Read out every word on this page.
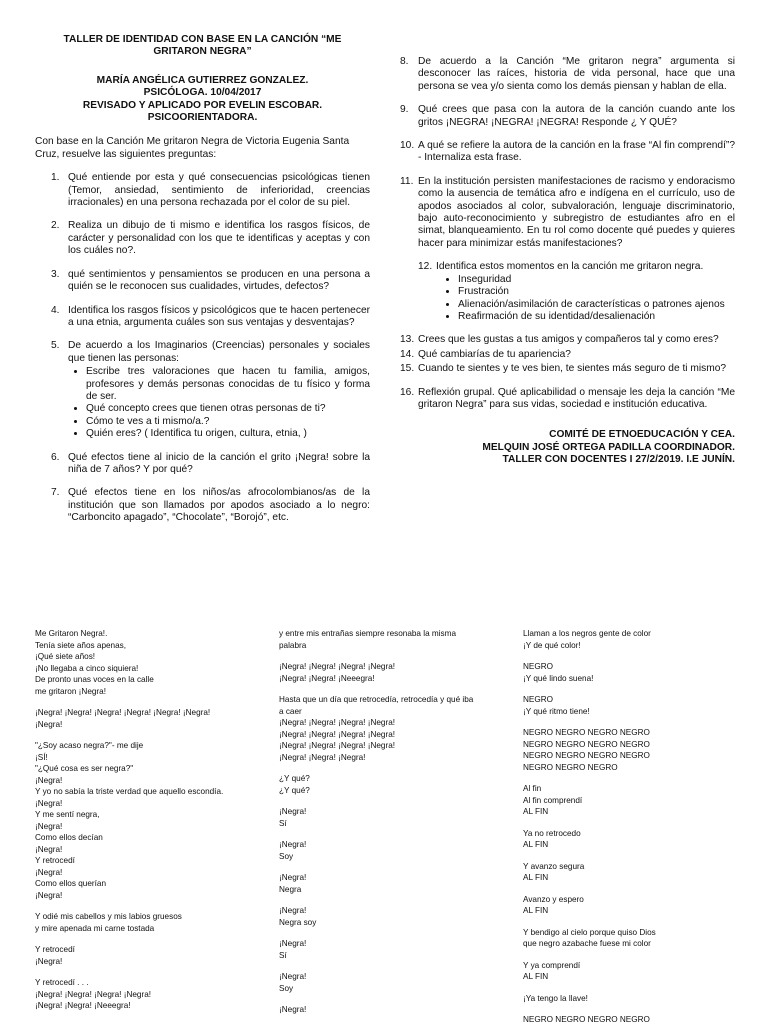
TALLER DE IDENTIDAD CON BASE EN LA CANCIÓN “ME
GRITARON NEGRA”
MARÍA ANGÉLICA GUTIERREZ GONZALEZ.
PSICÓLOGA. 10/04/2017
REVISADO Y APLICADO POR EVELIN ESCOBAR.
PSICOORIENTADORA.
Con base en la Canción Me gritaron Negra de Victoria Eugenia Santa Cruz, resuelve las siguientes preguntas:
1. Qué entiende por esta y qué consecuencias psicológicas tienen (Temor, ansiedad, sentimiento de inferioridad, creencias irracionales) en una persona rechazada por el color de su piel.
2. Realiza un dibujo de ti mismo e identifica los rasgos físicos, de carácter y personalidad con los que te identificas y aceptas y con los cuáles no?.
3. qué sentimientos y pensamientos se producen en una persona a quién se le reconocen sus cualidades, virtudes, defectos?
4. Identifica los rasgos físicos y psicológicos que te hacen pertenecer a una etnia, argumenta cuáles son sus ventajas y desventajas?
5. De acuerdo a los Imaginarios (Creencias) personales y sociales que tienen las personas:
• Escribe tres valoraciones que hacen tu familia, amigos, profesores y demás personas conocidas de tu físico y forma de ser.
• Qué concepto crees que tienen otras personas de ti?
• Cómo te ves a ti mismo/a.?
• Quién eres? ( Identifica tu origen, cultura, etnia, )
6. Qué efectos tiene al inicio de la canción el grito ¡Negra! sobre la niña de 7 años? Y por qué?
7. Qué efectos tiene en los niños/as afrocolombianos/as de la institución que son llamados por apodos asociado a lo negro: “Carboncito apagado”, “Chocolate”, “Borojó”, etc.
8. De acuerdo a la Canción “Me gritaron negra” argumenta si desconocer las raíces, historia de vida personal, hace que una persona se vea y/o sienta como los demás piensan y hablan de ella.
9. Qué crees que pasa con la autora de la canción cuando ante los gritos ¡NEGRA! ¡NEGRA! ¡NEGRA! Responde ¿ Y QUÉ?
10. A qué se refiere la autora de la canción en la frase “Al fin comprendí”?- Internaliza esta frase.
11. En la institución persisten manifestaciones de racismo y endoracismo como la ausencia de temática afro e indígena en el currículo, uso de apodos asociados al color, subvaloración, lenguaje discriminatorio, bajo auto-reconocimiento y subregistro de estudiantes afro en el simat, blanqueamiento. En tu rol como docente qué puedes y quieres hacer para minimizar estás manifestaciones?
12. Identifica estos momentos en la canción me gritaron negra.
• Inseguridad
• Frustración
• Alienación/asimilación de características o patrones ajenos
• Reafirmación de su identidad/desalienación
13. Crees que les gustas a tus amigos y compañeros tal y como eres?
14. Qué cambiarías de tu apariencia?
15. Cuando te sientes y te ves bien, te sientes más seguro de ti mismo?
16. Reflexión grupal. Qué aplicabilidad o mensaje les deja la canción “Me gritaron Negra” para sus vidas, sociedad e institución educativa.
COMITÉ DE ETNOEDUCACIÓN Y CEA.
MELQUIN JOSÉ ORTEGA PADILLA COORDINADOR.
TALLER CON DOCENTES I 27/2/2019. I.E JUNÍN.
Me Gritaron Negra!.
Tenía siete años apenas,
¡Qué siete años!
¡No llegaba a cinco siquiera!
De pronto unas voces en la calle
me gritaron ¡Negra!
¡Negra! ¡Negra! ¡Negra! ¡Negra! ¡Negra! ¡Negra!
¡Negra!
"¿Soy acaso negra?"- me dije
¡SÍ!
"¿Qué cosa es ser negra?"
¡Negra!
Y yo no sabía la triste verdad que aquello escondía.
¡Negra!
Y me sentí negra,
¡Negra!
Como ellos decían
¡Negra!
Y retrocedí
¡Negra!
Como ellos querían
¡Negra!
Y odié mis cabellos y mis labios gruesos
y mire apenada mi carne tostada
Y retrocedí
¡Negra!
Y retrocedí . . .
¡Negra! ¡Negra! ¡Negra! ¡Negra!
¡Negra! ¡Negra! ¡Neeegra!
y entre mis entrañas siempre resonaba la misma
palabra
¡Negra! ¡Negra! ¡Negra! ¡Negra!
¡Negra! ¡Negra! ¡Neeegra!
Hasta que un día que retrocedía, retrocedía y qué iba
a caer
¡Negra! ¡Negra! ¡Negra! ¡Negra!
¡Negra! ¡Negra! ¡Negra! ¡Negra!
¡Negra! ¡Negra! ¡Negra! ¡Negra!
¡Negra! ¡Negra! ¡Negra!
¿Y qué?
¿Y qué?
¡Negra!
Sí
¡Negra!
Soy
¡Negra!
Negra
¡Negra!
Negra soy
¡Negra!
Sí
¡Negra!
Soy
¡Negra!
Llaman a los negros gente de color
¡Y de qué color!
NEGRO
¡Y qué lindo suena!
NEGRO
¡Y qué ritmo tiene!
NEGRO NEGRO NEGRO NEGRO
NEGRO NEGRO NEGRO NEGRO
NEGRO NEGRO NEGRO NEGRO
NEGRO NEGRO NEGRO
Al fin
Al fin comprendí
AL FIN
Ya no retrocedo
AL FIN
Y avanzo segura
AL FIN
Avanzo y espero
AL FIN
Y bendigo al cielo porque quiso Dios
que negro azabache fuese mi color
Y ya comprendí
AL FIN
¡Ya tengo la llave!
NEGRO NEGRO NEGRO NEGRO
